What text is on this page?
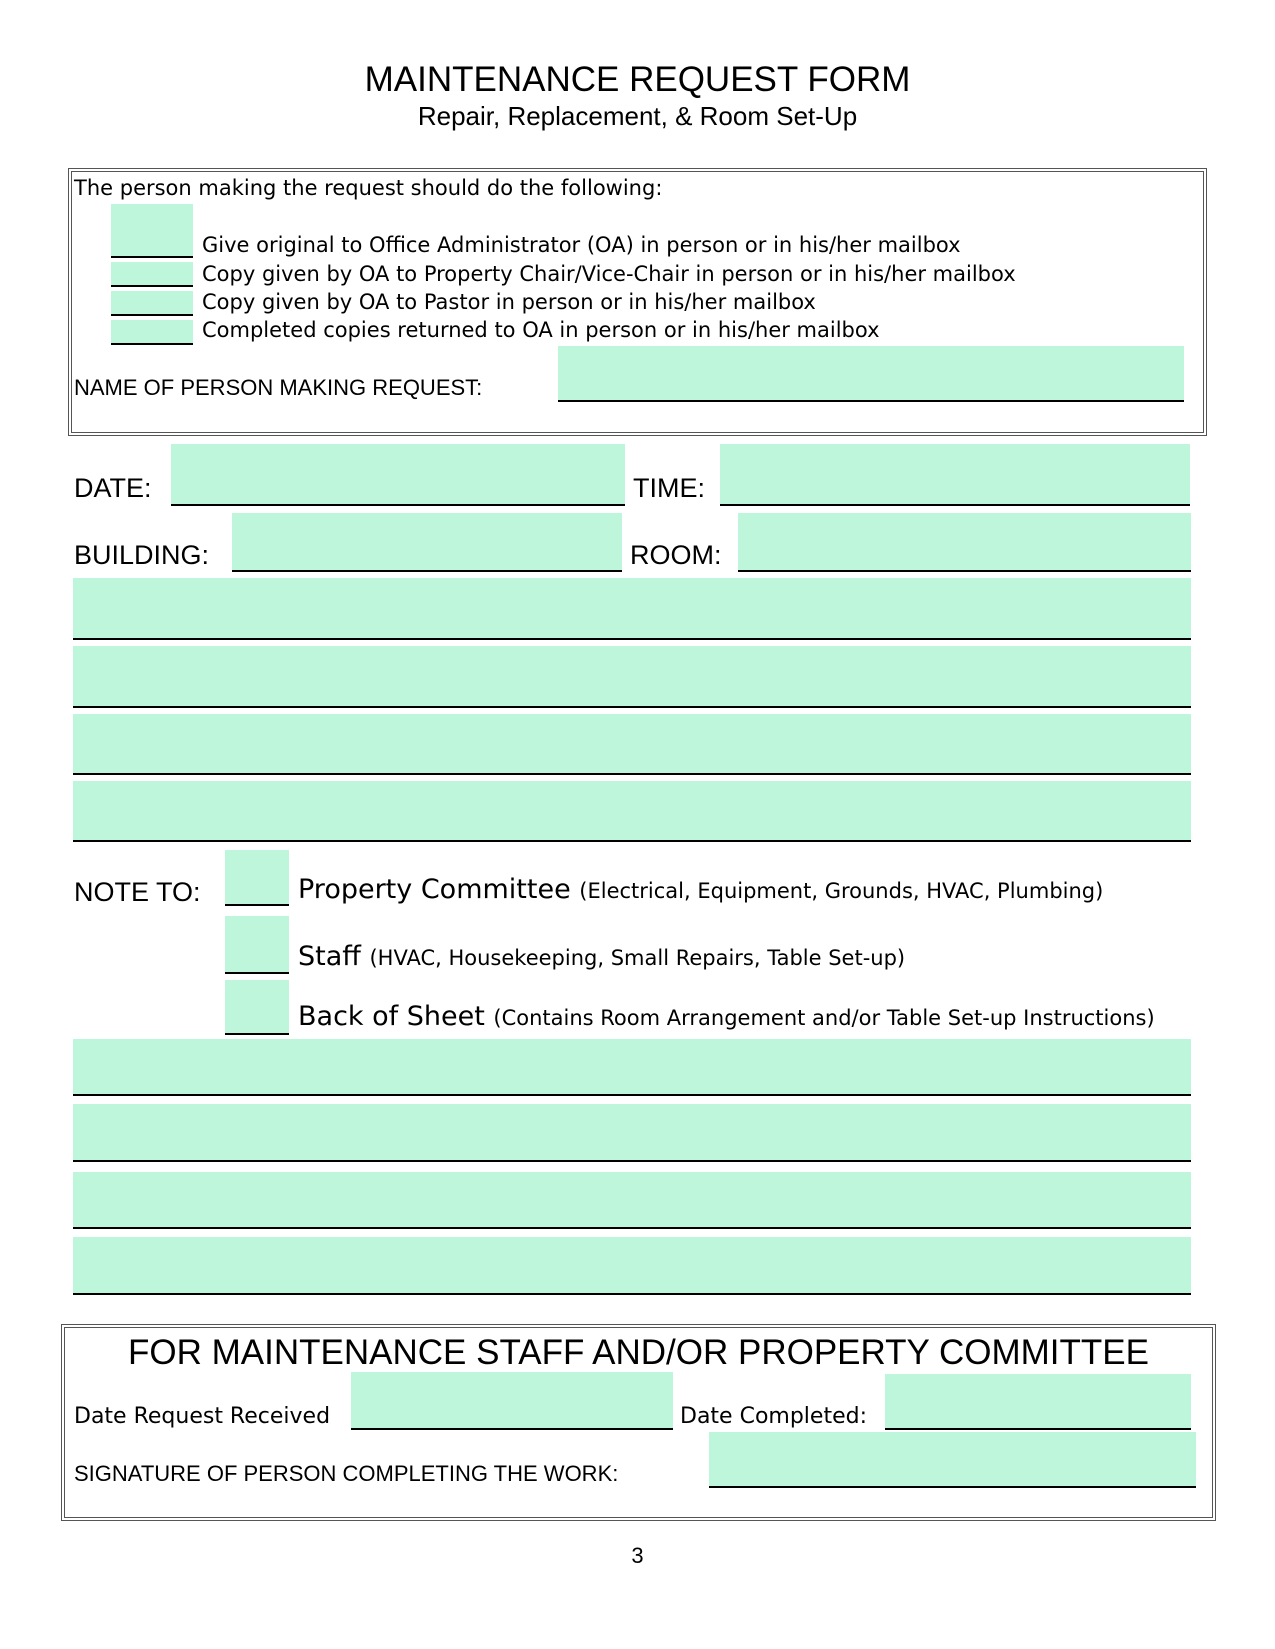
MAINTENANCE REQUEST FORM
Repair, Replacement, & Room Set-Up
The person making the request should do the following:
Give original to Office Administrator (OA) in person or in his/her mailbox
Copy given by OA to Property Chair/Vice-Chair in person or in his/her mailbox
Copy given by OA to Pastor in person or in his/her mailbox
Completed copies returned to OA in person or in his/her mailbox
NAME OF PERSON MAKING REQUEST:
DATE:	TIME:
BUILDING:	ROOM:
NOTE TO:	Property Committee (Electrical, Equipment, Grounds, HVAC, Plumbing)
Staff (HVAC, Housekeeping, Small Repairs, Table Set-up)
Back of Sheet (Contains Room Arrangement and/or Table Set-up Instructions)
FOR MAINTENANCE STAFF AND/OR PROPERTY COMMITTEE
Date Request Received	Date Completed:
SIGNATURE OF PERSON COMPLETING THE WORK:
3
